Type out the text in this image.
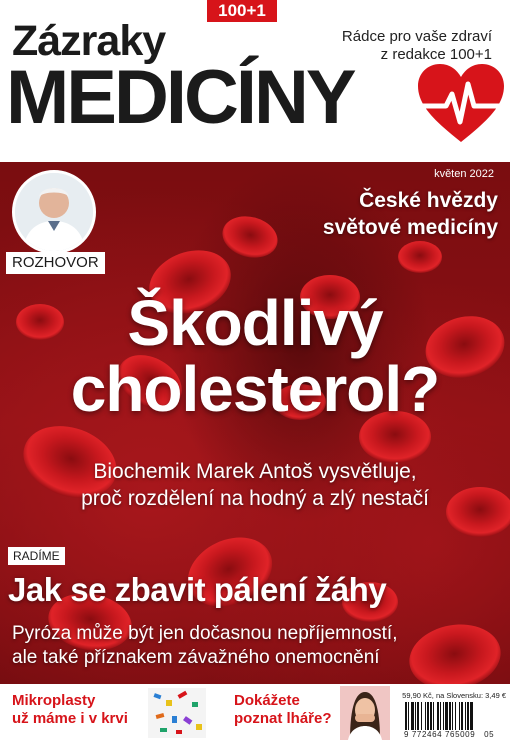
100+1
Zázraky
MEDICÍNY
Rádce pro vaše zdraví
z redakce 100+1
květen 2022
ROZHOVOR
České hvězdy
světové medicíny
Škodlivý
cholesterol?
Biochemik Marek Antoš vysvětluje,
proč rozdělení na hodný a zlý nestačí
RADÍME
Jak se zbavit pálení žáhy
Pyróza může být jen dočasnou nepříjemností,
ale také příznakem závažného onemocnění
Mikroplasty
už máme i v krvi
Dokážete
poznat lháře?
59,90 Kč, na Slovensku: 3,49 €
9 772464 765009 05
